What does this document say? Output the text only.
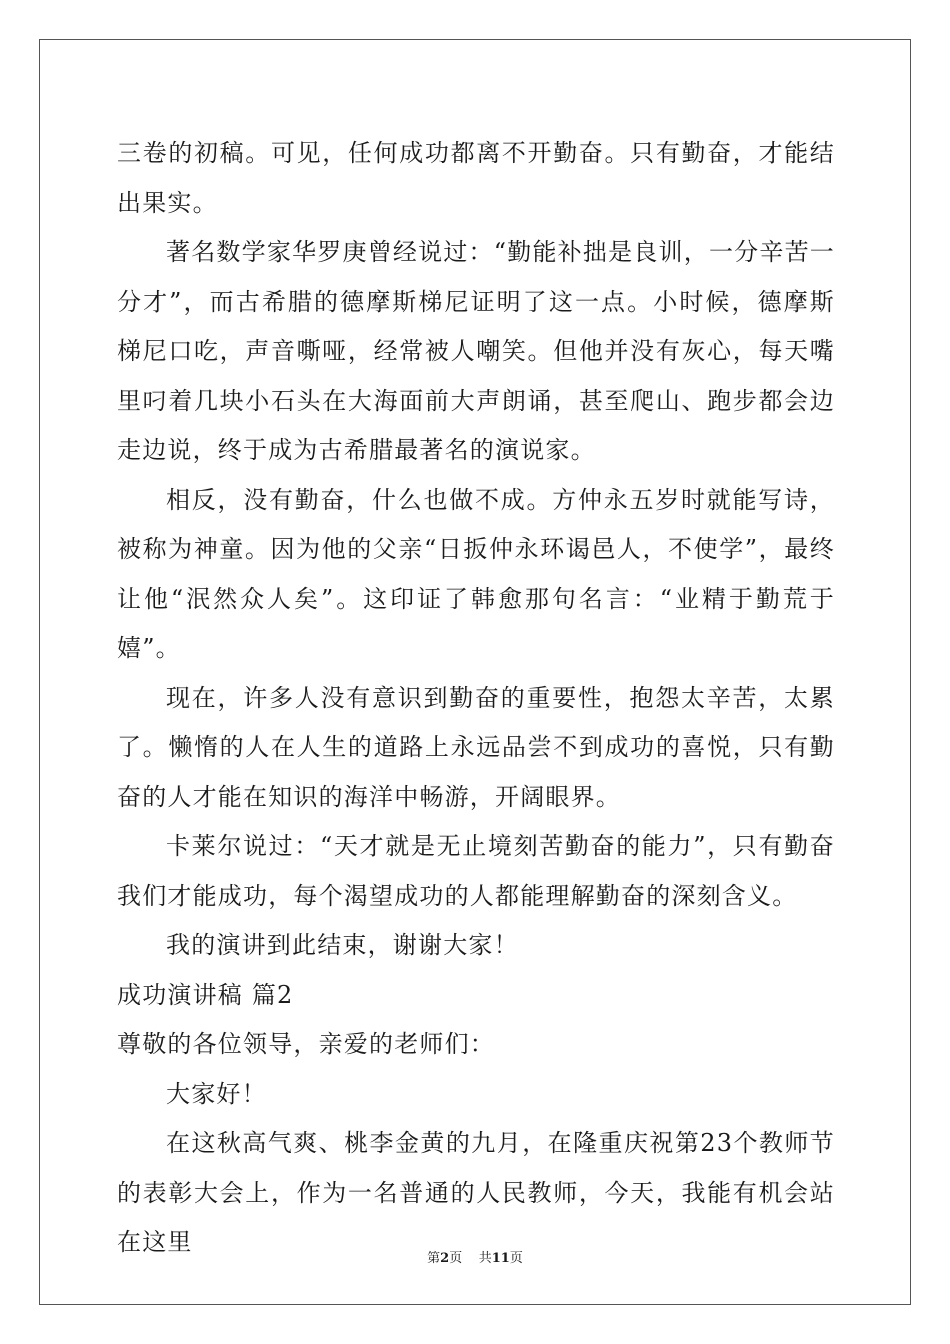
三卷的初稿。可见，任何成功都离不开勤奋。只有勤奋，才能结出果实。

著名数学家华罗庚曾经说过：“勤能补拙是良训，一分辛苦一分才”，而古希腊的德摩斯梯尼证明了这一点。小时候，德摩斯梯尼口吃，声音嘶哑，经常被人嘲笑。但他并没有灰心，每天嘴里叼着几块小石头在大海面前大声朗诵，甚至爬山、跑步都会边走边说，终于成为古希腊最著名的演说家。

相反，没有勤奋，什么也做不成。方仲永五岁时就能写诗，被称为神童。因为他的父亲“日扳仲永环谒邑人，不使学”，最终让他“泯然众人矣”。这印证了韩愈那句名言：“业精于勤荒于嬉”。

现在，许多人没有意识到勤奋的重要性，抱怨太辛苦，太累了。懒惰的人在人生的道路上永远品尝不到成功的喜悦，只有勤奋的人才能在知识的海洋中畅游，开阔眼界。

卡莱尔说过：“天才就是无止境刻苦勤奋的能力”，只有勤奋我们才能成功，每个渴望成功的人都能理解勤奋的深刻含义。

我的演讲到此结束，谢谢大家！

成功演讲稿 篇2

尊敬的各位领导，亲爱的老师们：

大家好！

在这秋高气爽、桃李金黄的九月，在隆重庆祝第23个教师节的表彰大会上，作为一名普通的人民教师，今天，我能有机会站在这里

第2页 共11页
